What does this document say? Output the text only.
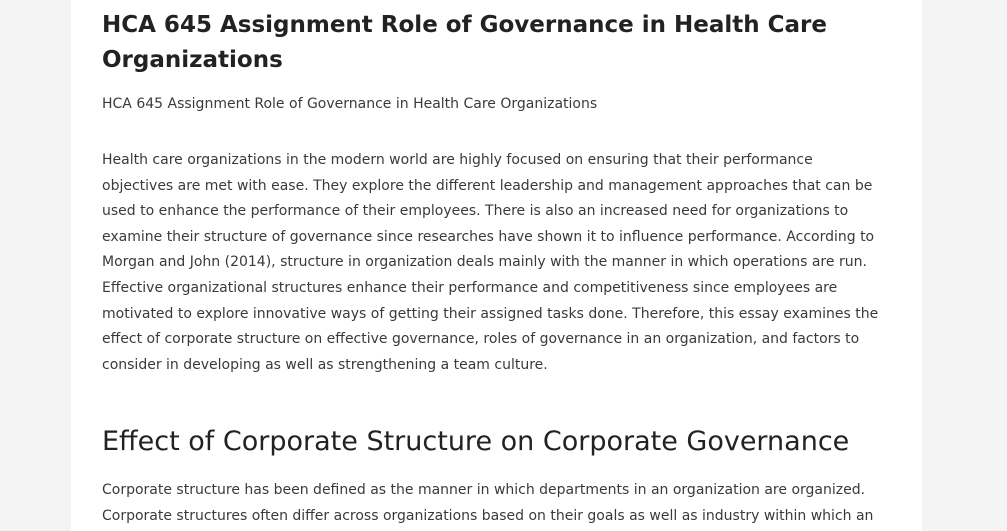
HCA 645 Assignment Role of Governance in Health Care Organizations

HCA 645 Assignment Role of Governance in Health Care Organizations

Health care organizations in the modern world are highly focused on ensuring that their performance objectives are met with ease. They explore the different leadership and management approaches that can be used to enhance the performance of their employees. There is also an increased need for organizations to examine their structure of governance since researches have shown it to influence performance. According to Morgan and John (2014), structure in organization deals mainly with the manner in which operations are run. Effective organizational structures enhance their performance and competitiveness since employees are motivated to explore innovative ways of getting their assigned tasks done. Therefore, this essay examines the effect of corporate structure on effective governance, roles of governance in an organization, and factors to consider in developing as well as strengthening a team culture.

Effect of Corporate Structure on Corporate Governance

Corporate structure has been defined as the manner in which departments in an organization are organized. Corporate structures often differ across organizations based on their goals as well as industry within which an
